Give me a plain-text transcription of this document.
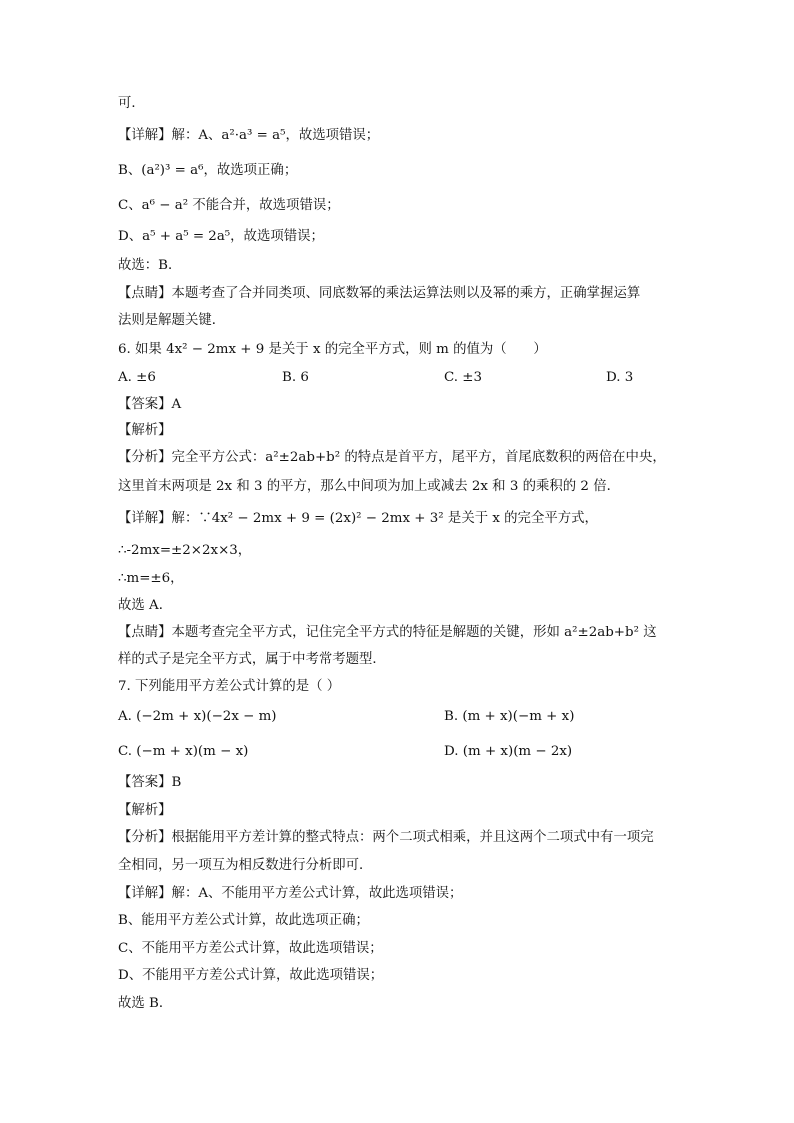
可．
【详解】解：A、a²·a³ = a⁵，故选项错误；
B、(a²)³ = a⁶，故选项正确；
C、a⁶ − a² 不能合并，故选项错误；
D、a⁵ + a⁵ = 2a⁵，故选项错误；
故选：B．
【点睛】本题考查了合并同类项、同底数幂的乘法运算法则以及幂的乘方，正确掌握运算
法则是解题关键．
6. 如果 4x² − 2mx + 9 是关于 x 的完全平方式，则 m 的值为（　　）
A. ±6	B. 6	C. ±3	D. 3
【答案】A
【解析】
【分析】完全平方公式：a²±2ab+b² 的特点是首平方，尾平方，首尾底数积的两倍在中央，
这里首末两项是 2x 和 3 的平方，那么中间项为加上或减去 2x 和 3 的乘积的 2 倍．
【详解】解：∵4x² − 2mx + 9 = (2x)² − 2mx + 3² 是关于 x 的完全平方式，
∴-2mx=±2×2x×3，
∴m=±6，
故选 A．
【点睛】本题考查完全平方式，记住完全平方式的特征是解题的关键，形如 a²±2ab+b² 这
样的式子是完全平方式，属于中考常考题型．
7. 下列能用平方差公式计算的是（ ）
A. (−2m + x)(−2x − m)	B. (m + x)(−m + x)
C. (−m + x)(m − x)	D. (m + x)(m − 2x)
【答案】B
【解析】
【分析】根据能用平方差计算的整式特点：两个二项式相乘，并且这两个二项式中有一项完
全相同，另一项互为相反数进行分析即可．
【详解】解：A、不能用平方差公式计算，故此选项错误；
B、能用平方差公式计算，故此选项正确；
C、不能用平方差公式计算，故此选项错误；
D、不能用平方差公式计算，故此选项错误；
故选 B．
